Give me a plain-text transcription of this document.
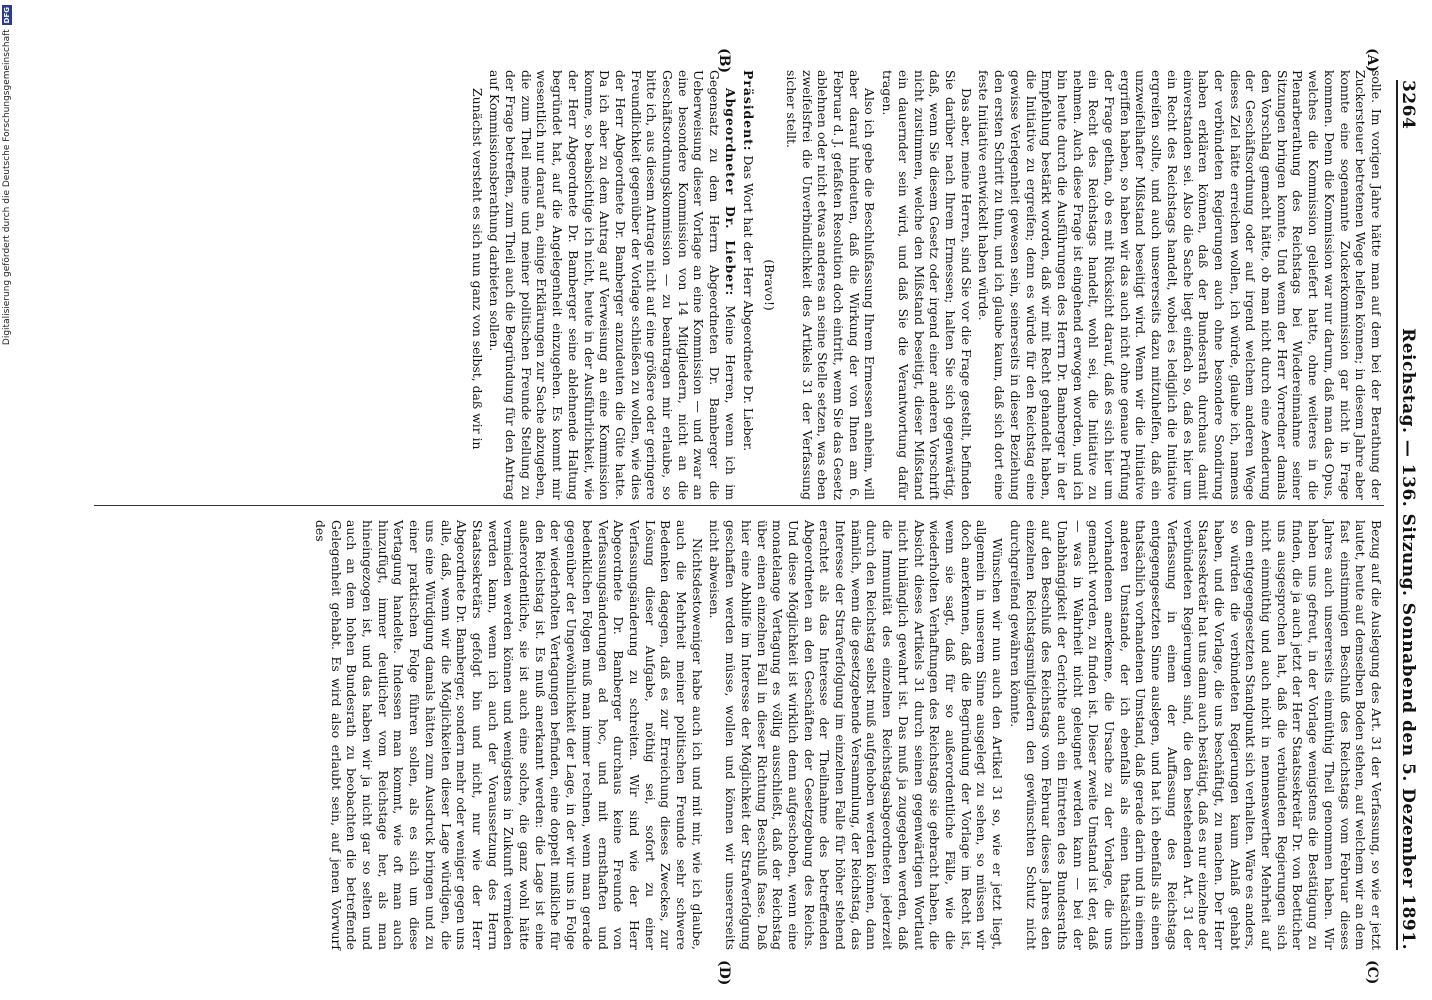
3264
Reichstag. — 136. Sitzung. Sonnabend den 5. Dezember 1891.
(A)
(B)
(C)
(D)

solle. Im vorigen Jahre hätte man auf dem bei der Berathung der Zuckersteuer betretenen Wege helfen können; in diesem Jahre aber konnte eine sogenannte Zuckerkommission gar nicht in Frage kommen. Denn die Kommission war nur darum, daß man das Opus, welches die Kommission geliefert hatte, ohne weiteres in die Plenarberathung des Reichstags bei Wiedereinnahme seiner Sitzungen bringen konnte. Und wenn der Herr Vorredner damals den Vorschlag gemacht hätte, ob man nicht durch eine Aenderung der Geschäftsordnung oder auf irgend welchem anderen Wege dieses Ziel hätte erreichen wollen, ich würde, glaube ich, namens der verbündeten Regierungen auch ohne besondere Sondirung haben erklären können, daß der Bundesrath durchaus damit einverstanden sei. Also die Sache liegt einfach so, daß es hier um ein Recht des Reichstags handelt, wobei es lediglich die Initiative ergreifen sollte, und auch unsererseits dazu mitzuhelfen, daß ein unzweifelhafter Mißstand beseitigt wird. Wenn wir die Initiative ergriffen haben, so haben wir das auch nicht ohne genaue Prüfung der Frage gethan, ob es mit Rücksicht darauf, daß es sich hier um ein Recht des Reichstags handelt, wohl sei, die Initiative zu nehmen. Auch diese Frage ist eingehend erwogen worden, und ich bin heute durch die Ausführungen des Herrn Dr. Bamberger in der Empfehlung bestärkt worden, daß wir mit Recht gehandelt haben, die Initiative zu ergreifen; denn es würde für den Reichstag eine gewisse Verlegenheit gewesen sein, seinerseits in dieser Beziehung den ersten Schritt zu thun, und ich glaube kaum, daß sich dort eine feste Initiative entwickelt haben würde.

Das aber, meine Herren, sind Sie vor die Frage gestellt, befinden Sie darüber nach Ihrem Ermessen; halten Sie sich gegenwärtig, daß, wenn Sie diesem Gesetz oder irgend einer anderen Vorschrift nicht zustimmen, welche den Mißstand beseitigt, dieser Mißstand ein dauernder sein wird, und daß Sie die Verantwortung dafür tragen.

Also ich gebe die Beschlußfassung Ihrem Ermessen anheim, will aber darauf hindeuten, daß die Wirkung der von Ihnen am 6. Februar d. J. gefaßten Resolution doch eintritt, wenn Sie das Gesetz ablehnen oder nicht etwas anderes an seine Stelle setzen, was eben zweifelsfrei die Unverbindlichkeit des Artikels 31 der Verfassung sicher stellt.

(Bravo!)

Präsident: Das Wort hat der Herr Abgeordnete Dr. Lieber.

Abgeordneter Dr. Lieber: Meine Herren, wenn ich im Gegensatz zu dem Herrn Abgeordneten Dr. Bamberger die Ueberweisung dieser Vorlage an eine Kommission — und zwar an eine besondere Kommission von 14 Mitgliedern, nicht an die Geschäftsordnungskommission — zu beantragen mir erlaube, so bitte ich, aus diesem Antrage nicht auf eine größere oder geringere Freundlichkeit gegenüber der Vorlage schließen zu wollen, wie dies der Herr Abgeordnete Dr. Bamberger anzudeuten die Güte hatte. Da ich aber zu dem Antrag auf Verweisung an eine Kommission komme, so beabsichtige ich nicht, heute in der Ausführlichkeit, wie der Herr Abgeordnete Dr. Bamberger seine ablehnende Haltung begründet hat, auf die Angelegenheit einzugehen. Es kommt mir wesentlich nur darauf an, einige Erklärungen zur Sache abzugeben, die zum Theil meine und meiner politischen Freunde Stellung zu der Frage betreffen, zum Theil auch die Begründung für den Antrag auf Kommissionsberathung darbieten sollen.

Zunächst versteht es sich nun ganz von selbst, daß wir in

Bezug auf die Auslegung des Art. 31 der Verfassung, so wie er jetzt lautet, heute auf demselben Boden stehen, auf welchem wir an dem fast einstimmigen Beschluß des Reichstags vom Februar dieses Jahres auch unsererseits einmüthig Theil genommen haben. Wir haben uns gefreut, in der Vorlage wenigstens die Bestätigung zu finden, die ja auch jetzt der Herr Staatssekretär Dr. von Boetticher uns ausgesprochen hat, daß die verbündeten Regierungen sich nicht einmüthig und auch nicht in nennenswerther Mehrheit auf dem entgegengesetzten Standpunkt sich verhalten. Wäre es anders, so würden die verbündeten Regierungen kaum Anlaß gehabt haben, und die Vorlage, die uns beschäftigt, zu machen. Der Herr Staatssekretär hat uns dann auch bestätigt, daß es nur einzelne der verbündeten Regierungen sind, die den bestehenden Art. 31 der Verfassung in einem der Auffassung des Reichstags entgegengesetzten Sinne auslegen, und hat ich ebenfalls als einen thatsächlich vorhandenen Umstand, daß gerade darin und in einem anderen Umstande, der ich ebenfalls als einen thatsächlich vorhandenen anerkenne, die Ursache zu der Vorlage, die uns gemacht worden, zu finden ist. Dieser zweite Umstand ist der, daß — was in Wahrheit nicht geleugnet werden kann — bei der Unabhängigkeit der Gerichte auch ein Eintreten des Bundesraths auf den Beschluß des Reichstags vom Februar dieses Jahres den einzelnen Reichstagsmitgliedern den gewünschten Schutz nicht durchgreifend gewähren könnte.

Wünschen wir nun auch den Artikel 31 so, wie er jetzt liegt, allgemein in unserem Sinne ausgelegt zu sehen, so müssen wir doch anerkennen, daß die Begründung der Vorlage im Recht ist, wenn sie sagt, daß für so außerordentliche Fälle, wie die wiederholten Verhaftungen des Reichstags sie gebracht haben, die Absicht dieses Artikels 31 durch seinen gegenwärtigen Wortlaut nicht hinlänglich gewahrt ist. Das muß ja zugegeben werden, daß die Immunität des einzelnen Reichstagsabgeordneten jederzeit durch den Reichstag selbst muß aufgehoben werden können, dann nämlich, wenn die gesetzgebende Versammlung, der Reichstag, das Interesse der Strafverfolgung im einzelnen Falle für höher stehend erachtet als das Interesse der Theilnahme des betreffenden Abgeordneten an den Geschäften der Gesetzgebung des Reichs. Und diese Möglichkeit ist wirklich denn aufgeschoben, wenn eine monatelange Vertagung es völlig ausschließt, daß der Reichstag über einen einzelnen Fall in dieser Richtung Beschluß fasse. Daß hier eine Abhilfe im Interesse der Möglichkeit der Strafverfolgung geschaffen werden müsse, wollen und können wir unsererseits nicht abweisen.

Nichtsdestoweniger habe auch ich und mit mir, wie ich glaube, auch die Mehrheit meiner politischen Freunde sehr schwere Bedenken dagegen, daß es zur Erreichung dieses Zweckes, zur Lösung dieser Aufgabe, nöthig sei, sofort zu einer Verfassungsänderung zu schreiten. Wir sind wie der Herr Abgeordnete Dr. Bamberger durchaus keine Freunde von Verfassungsänderungen ad hoc, und mit ernsthaften und bedenklichen Folgen muß man immer rechnen, wenn man gerade gegenüber der Ungewöhnlichkeit der Lage, in der wir uns in Folge der wiederholten Vertagungen befinden, eine doppelt mißliche für den Reichstag ist. Es muß anerkannt werden: die Lage ist eine außerordentliche, sie ist auch eine solche, die ganz wohl hätte vermieden werden können und wenigstens in Zukunft vermieden werden kann, wenn ich auch der Voraussetzung des Herrn Staatssekretärs gefolgt bin und nicht, nur wie der Herr Abgeordnete Dr. Bamberger, sondern mehr oder weniger gegen uns alle, daß, wenn wir die Möglichkeiten dieser Lage würdigen, die uns eine Würdigung damals hätten zum Ausdruck bringen und zu einer praktischen Folge führen sollen, als es sich um diese Vertagung handelte. Indessen man kommt, wie oft man auch hinzufügt, immer deutlicher vom Reichstage her, als man hineingezogen ist, und das haben wir ja nicht gar so selten und auch an dem hohen Bundesrath zu beobachten die betreffende Gelegenheit gehabt. Es wird also erlaubt sein, auf jenen Vorwurf des

Digitalisierung gefördert durch die Deutsche Forschungsgemeinschaft
DFG
